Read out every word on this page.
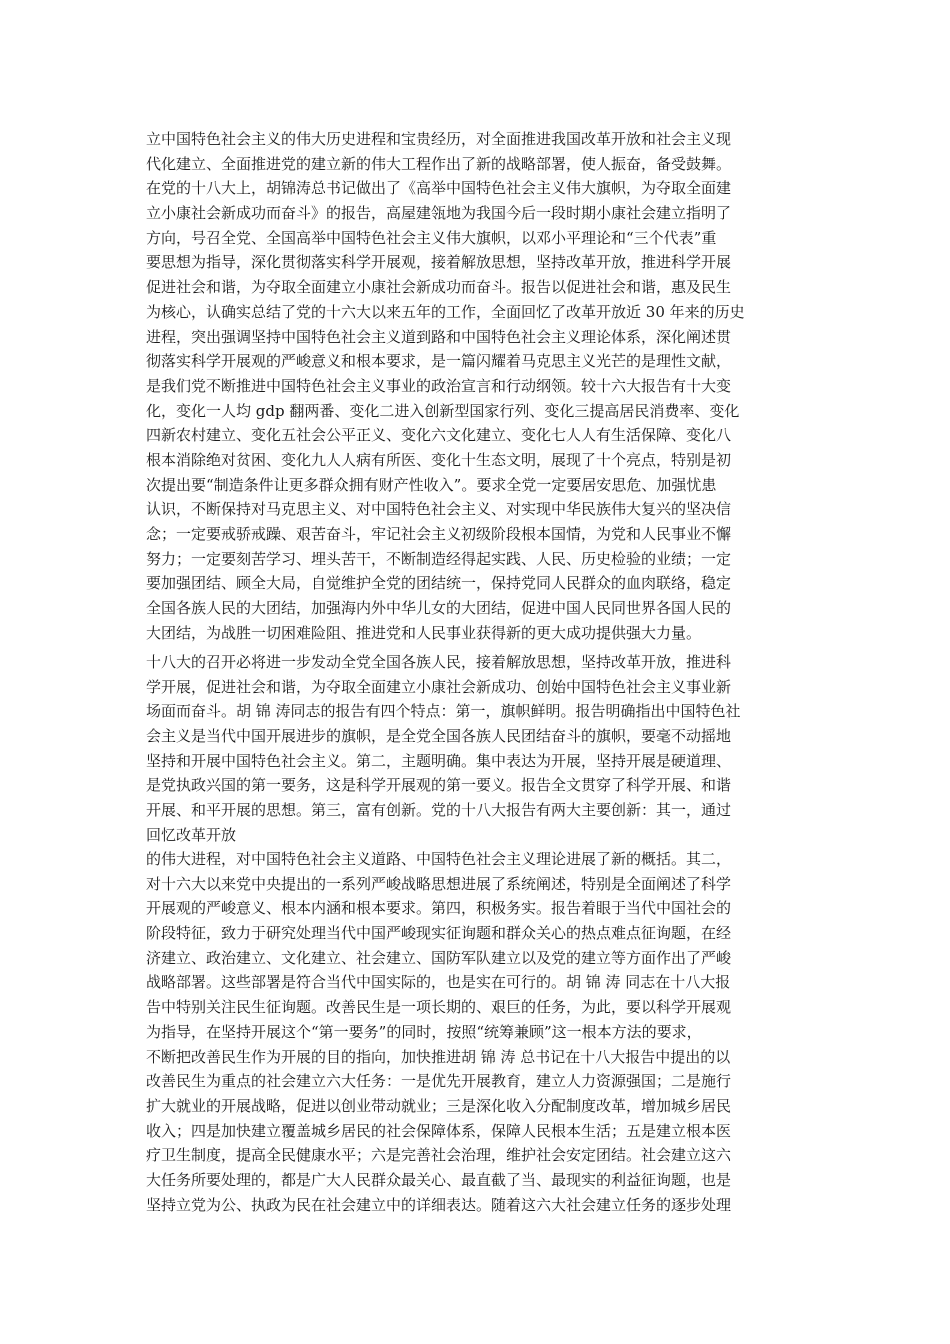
立中国特色社会主义的伟大历史进程和宝贵经历，对全面推进我国改革开放和社会主义现
代化建立、全面推进党的建立新的伟大工程作出了新的战略部署，使人振奋，备受鼓舞。
在党的十八大上，胡锦涛总书记做出了《高举中国特色社会主义伟大旗帜，为夺取全面建
立小康社会新成功而奋斗》的报告，高屋建瓴地为我国今后一段时期小康社会建立指明了
方向，号召全党、全国高举中国特色社会主义伟大旗帜，以邓小平理论和“三个代表”重
要思想为指导，深化贯彻落实科学开展观，接着解放思想，坚持改革开放，推进科学开展
促进社会和谐，为夺取全面建立小康社会新成功而奋斗。报告以促进社会和谐，惠及民生
为核心，认确实总结了党的十六大以来五年的工作，全面回忆了改革开放近 30 年来的历史
进程，突出强调坚持中国特色社会主义道到路和中国特色社会主义理论体系，深化阐述贯
彻落实科学开展观的严峻意义和根本要求，是一篇闪耀着马克思主义光芒的是理性文献，
是我们党不断推进中国特色社会主义事业的政治宣言和行动纲领。较十六大报告有十大变
化，变化一人均 gdp 翻两番、变化二进入创新型国家行列、变化三提高居民消费率、变化
四新农村建立、变化五社会公平正义、变化六文化建立、变化七人人有生活保障、变化八
根本消除绝对贫困、变化九人人病有所医、变化十生态文明，展现了十个亮点，特别是初
次提出要“制造条件让更多群众拥有财产性收入”。要求全党一定要居安思危、加强忧患
认识，不断保持对马克思主义、对中国特色社会主义、对实现中华民族伟大复兴的坚决信
念；一定要戒骄戒躁、艰苦奋斗，牢记社会主义初级阶段根本国情，为党和人民事业不懈
努力；一定要刻苦学习、埋头苦干，不断制造经得起实践、人民、历史检验的业绩；一定
要加强团结、顾全大局，自觉维护全党的团结统一，保持党同人民群众的血肉联络，稳定
全国各族人民的大团结，加强海内外中华儿女的大团结，促进中国人民同世界各国人民的
大团结，为战胜一切困难险阻、推进党和人民事业获得新的更大成功提供强大力量。
十八大的召开必将进一步发动全党全国各族人民，接着解放思想，坚持改革开放，推进科
学开展，促进社会和谐，为夺取全面建立小康社会新成功、创始中国特色社会主义事业新
场面而奋斗。胡 锦 涛同志的报告有四个特点：第一，旗帜鲜明。报告明确指出中国特色社
会主义是当代中国开展进步的旗帜，是全党全国各族人民团结奋斗的旗帜，要毫不动摇地
坚持和开展中国特色社会主义。第二，主题明确。集中表达为开展，坚持开展是硬道理、
是党执政兴国的第一要务，这是科学开展观的第一要义。报告全文贯穿了科学开展、和谐
开展、和平开展的思想。第三，富有创新。党的十八大报告有两大主要创新：其一，通过
回忆改革开放
的伟大进程，对中国特色社会主义道路、中国特色社会主义理论进展了新的概括。其二，
对十六大以来党中央提出的一系列严峻战略思想进展了系统阐述，特别是全面阐述了科学
开展观的严峻意义、根本内涵和根本要求。第四，积极务实。报告着眼于当代中国社会的
阶段特征，致力于研究处理当代中国严峻现实征询题和群众关心的热点难点征询题，在经
济建立、政治建立、文化建立、社会建立、国防军队建立以及党的建立等方面作出了严峻
战略部署。这些部署是符合当代中国实际的，也是实在可行的。胡 锦 涛 同志在十八大报
告中特别关注民生征询题。改善民生是一项长期的、艰巨的任务，为此，要以科学开展观
为指导，在坚持开展这个“第一要务”的同时，按照“统筹兼顾”这一根本方法的要求，
不断把改善民生作为开展的目的指向，加快推进胡 锦 涛 总书记在十八大报告中提出的以
改善民生为重点的社会建立六大任务：一是优先开展教育，建立人力资源强国；二是施行
扩大就业的开展战略，促进以创业带动就业；三是深化收入分配制度改革，增加城乡居民
收入；四是加快建立覆盖城乡居民的社会保障体系，保障人民根本生活；五是建立根本医
疗卫生制度，提高全民健康水平；六是完善社会治理，维护社会安定团结。社会建立这六
大任务所要处理的，都是广大人民群众最关心、最直截了当、最现实的利益征询题，也是
坚持立党为公、执政为民在社会建立中的详细表达。随着这六大社会建立任务的逐步处理
